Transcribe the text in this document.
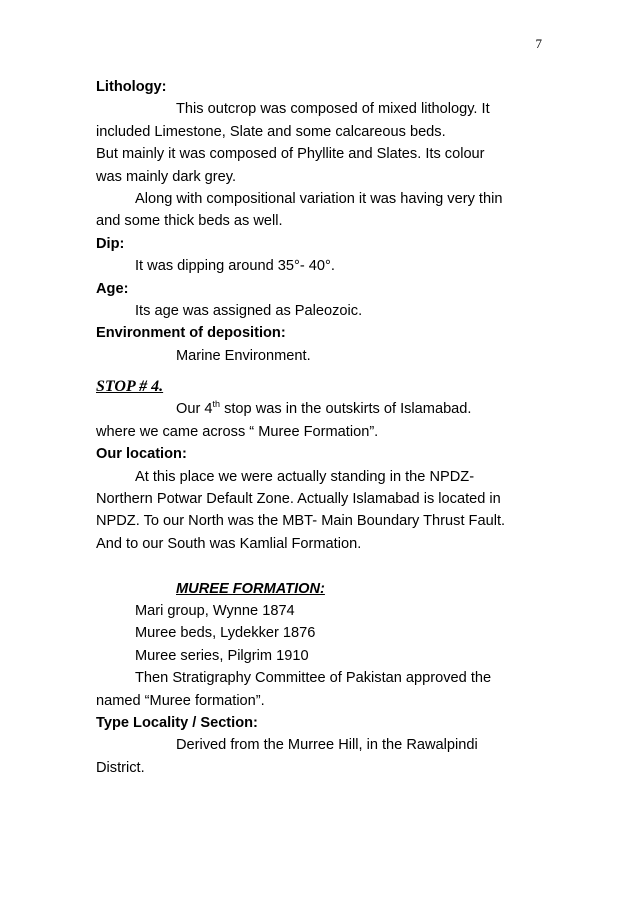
7
Lithology:
This outcrop was composed of mixed lithology. It
included Limestone, Slate and some calcareous beds.
But mainly it was composed of Phyllite and Slates. Its colour
was mainly dark grey.
Along with compositional variation it was having very thin
and some thick beds as well.
Dip:
It was dipping around 35°- 40°.
Age:
Its age was assigned as Paleozoic.
Environment of deposition:
Marine Environment.
STOP # 4.
Our 4th stop was in the outskirts of Islamabad.
where we came across “ Muree Formation”.
Our location:
At this place we were actually standing in the NPDZ-
Northern Potwar Default Zone. Actually Islamabad is located in
NPDZ. To our North was the MBT- Main Boundary Thrust Fault.
And to our South was Kamlial Formation.
MUREE FORMATION:
Mari group, Wynne 1874
Muree beds, Lydekker 1876
Muree series, Pilgrim 1910
Then Stratigraphy Committee of Pakistan approved the
named “Muree formation”.
Type Locality / Section:
Derived from the Murree Hill, in the Rawalpindi
District.
